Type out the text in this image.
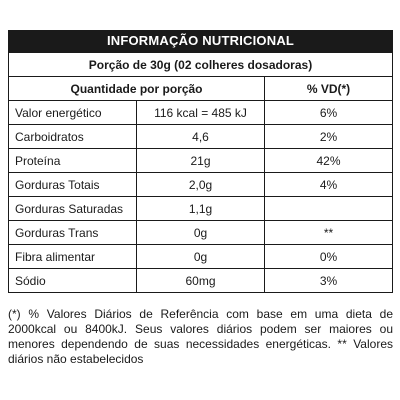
INFORMAÇÃO NUTRICIONAL
Porção de 30g (02 colheres dosadoras)		
Quantidade por porção		% VD(*)
Valor energético	116 kcal = 485 kJ	6%
Carboidratos	4,6	2%
Proteína	21g	42%
Gorduras Totais	2,0g	4%
Gorduras Saturadas	1,1g	
Gorduras Trans	0g	**
Fibra alimentar	0g	0%
Sódio	60mg	3%
(*) % Valores Diários de Referência com base em uma dieta de 2000kcal ou 8400kJ. Seus valores diários podem ser maiores ou menores dependendo de suas necessidades energéticas. ** Valores diários não estabelecidos
